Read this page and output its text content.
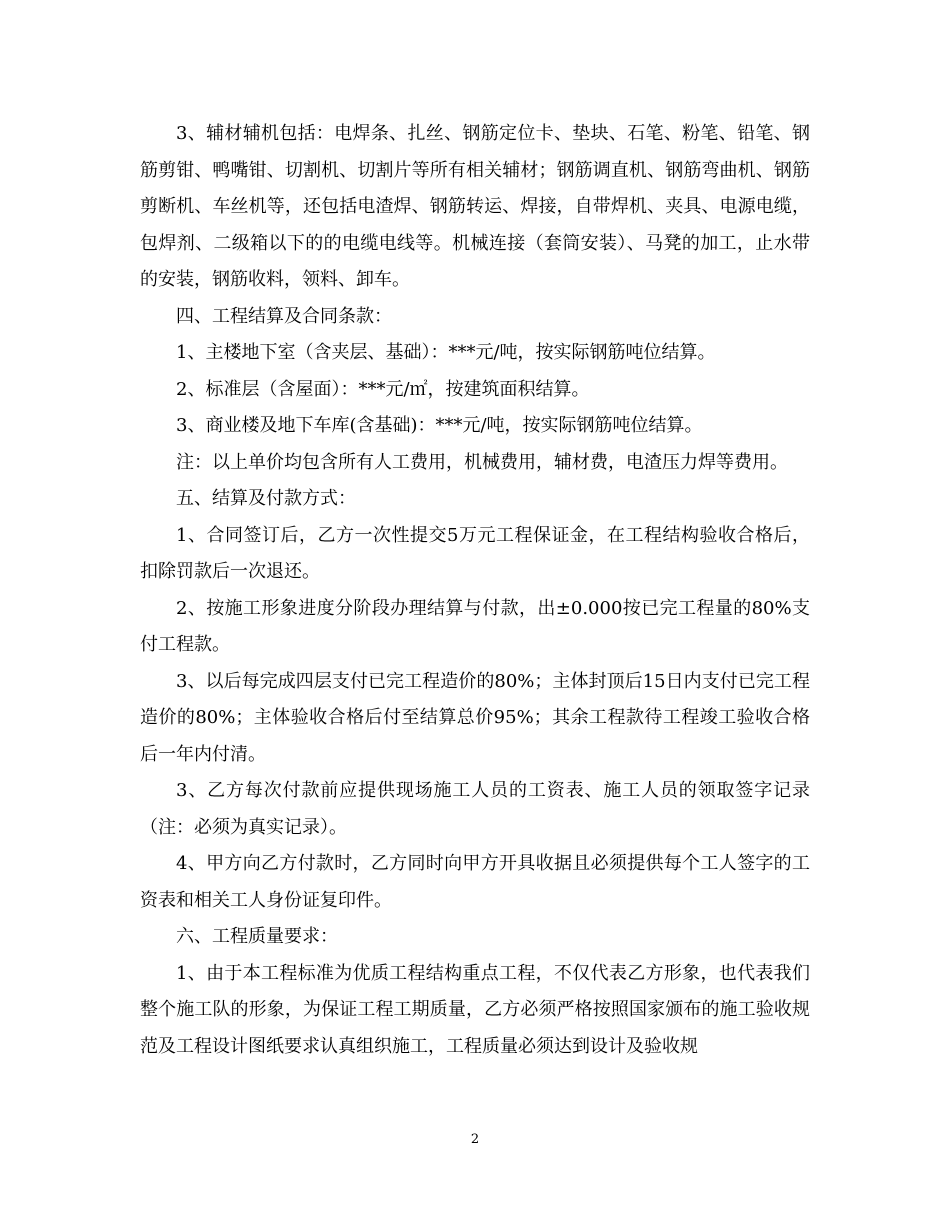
3、辅材辅机包括：电焊条、扎丝、钢筋定位卡、垫块、石笔、粉笔、铅笔、钢筋剪钳、鸭嘴钳、切割机、切割片等所有相关辅材；钢筋调直机、钢筋弯曲机、钢筋剪断机、车丝机等，还包括电渣焊、钢筋转运、焊接，自带焊机、夹具、电源电缆，包焊剂、二级箱以下的的电缆电线等。机械连接（套筒安装）、马凳的加工，止水带的安装，钢筋收料，领料、卸车。

四、工程结算及合同条款：

1、主楼地下室（含夹层、基础）：***元/吨，按实际钢筋吨位结算。

2、标准层（含屋面）：***元/㎡，按建筑面积结算。

3、商业楼及地下车库(含基础)：***元/吨，按实际钢筋吨位结算。

注：以上单价均包含所有人工费用，机械费用，辅材费，电渣压力焊等费用。

五、结算及付款方式：

1、合同签订后，乙方一次性提交5万元工程保证金，在工程结构验收合格后，扣除罚款后一次退还。

2、按施工形象进度分阶段办理结算与付款，出±0.000按已完工程量的80%支付工程款。

3、以后每完成四层支付已完工程造价的80%；主体封顶后15日内支付已完工程造价的80%；主体验收合格后付至结算总价95%；其余工程款待工程竣工验收合格后一年内付清。

3、乙方每次付款前应提供现场施工人员的工资表、施工人员的领取签字记录（注：必须为真实记录）。

4、甲方向乙方付款时，乙方同时向甲方开具收据且必须提供每个工人签字的工资表和相关工人身份证复印件。

六、工程质量要求：

1、由于本工程标准为优质工程结构重点工程，不仅代表乙方形象，也代表我们整个施工队的形象，为保证工程工期质量，乙方必须严格按照国家颁布的施工验收规范及工程设计图纸要求认真组织施工，工程质量必须达到设计及验收规

2
